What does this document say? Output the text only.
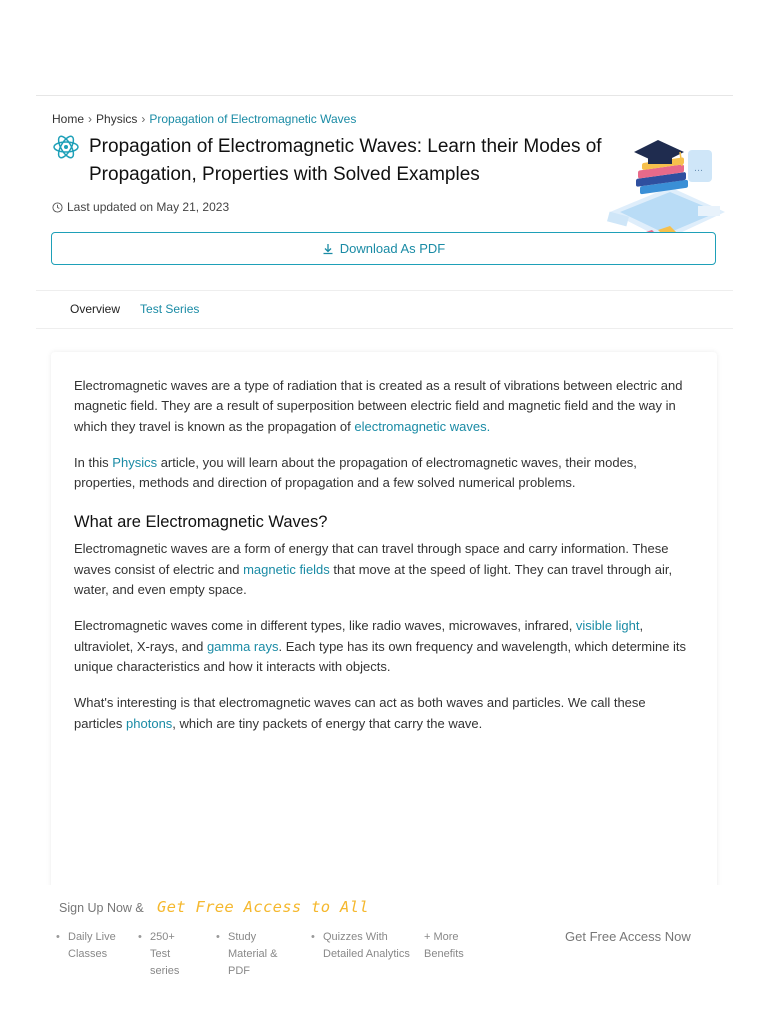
Home › Physics › Propagation of Electromagnetic Waves
Propagation of Electromagnetic Waves: Learn their Modes of Propagation, Properties with Solved Examples
Last updated on May 21, 2023
…
Download As PDF
Overview Test Series

Electromagnetic waves are a type of radiation that is created as a result of vibrations between electric and magnetic field. They are a result of superposition between electric field and magnetic field and the way in which they travel is known as the propagation of electromagnetic waves.

In this Physics article, you will learn about the propagation of electromagnetic waves, their modes, properties, methods and direction of propagation and a few solved numerical problems.

What are Electromagnetic Waves?

Electromagnetic waves are a form of energy that can travel through space and carry information. These waves consist of electric and magnetic fields that move at the speed of light. They can travel through air, water, and even empty space.

Electromagnetic waves come in different types, like radio waves, microwaves, infrared, visible light, ultraviolet, X-rays, and gamma rays. Each type has its own frequency and wavelength, which determine its unique characteristics and how it interacts with objects.

What's interesting is that electromagnetic waves can act as both waves and particles. We call these particles photons, which are tiny packets of energy that carry the wave.

Sign Up Now & Get Free Access to All
• Daily Live Classes
• 250+ Test series
• Study Material & PDF
• Quizzes With Detailed Analytics
+ More Benefits
Get Free Access Now
